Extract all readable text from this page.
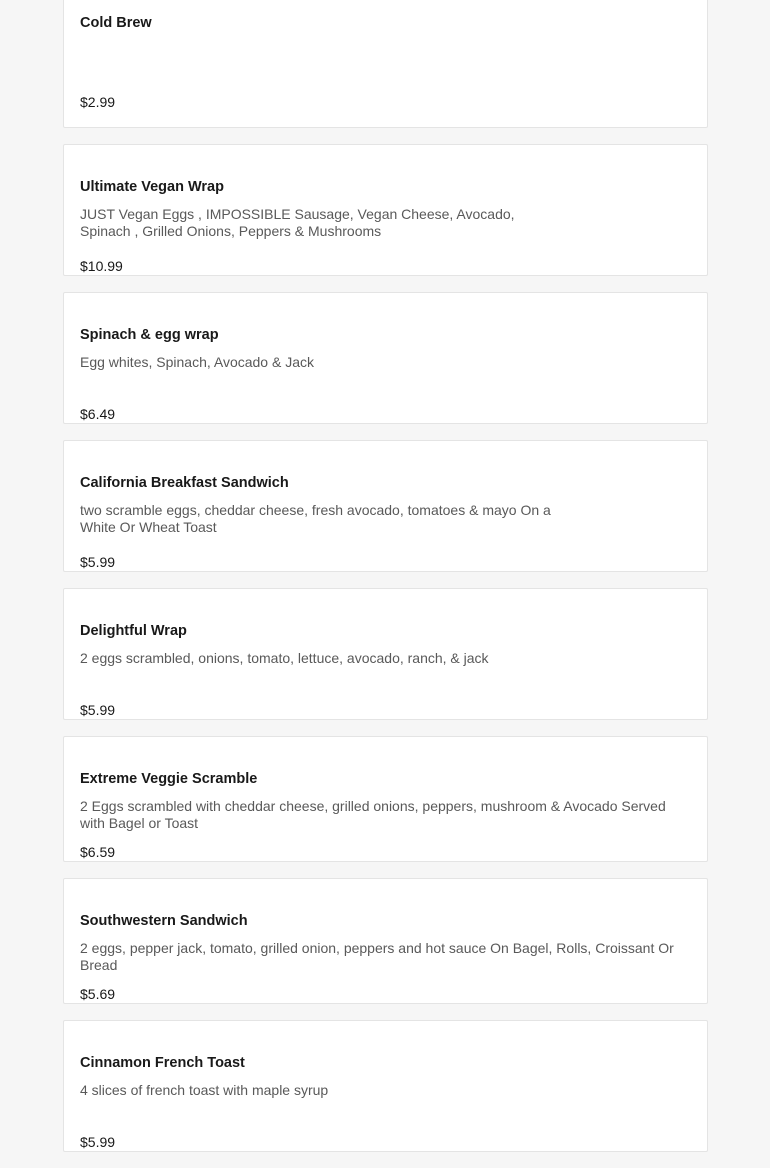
Cold Brew
$2.99
Ultimate Vegan Wrap
JUST Vegan Eggs , IMPOSSIBLE Sausage, Vegan Cheese, Avocado, Spinach , Grilled Onions, Peppers & Mushrooms
$10.99
Spinach & egg wrap
Egg whites, Spinach, Avocado & Jack
$6.49
California Breakfast Sandwich
two scramble eggs, cheddar cheese, fresh avocado, tomatoes & mayo On a White Or Wheat Toast
$5.99
Delightful Wrap
2 eggs scrambled, onions, tomato, lettuce, avocado, ranch, & jack
$5.99
Extreme Veggie Scramble
2 Eggs scrambled with cheddar cheese, grilled onions, peppers, mushroom & Avocado Served with Bagel or Toast
$6.59
Southwestern Sandwich
2 eggs, pepper jack, tomato, grilled onion, peppers and hot sauce On Bagel, Rolls, Croissant Or Bread
$5.69
Cinnamon French Toast
4 slices of french toast with maple syrup
$5.99
